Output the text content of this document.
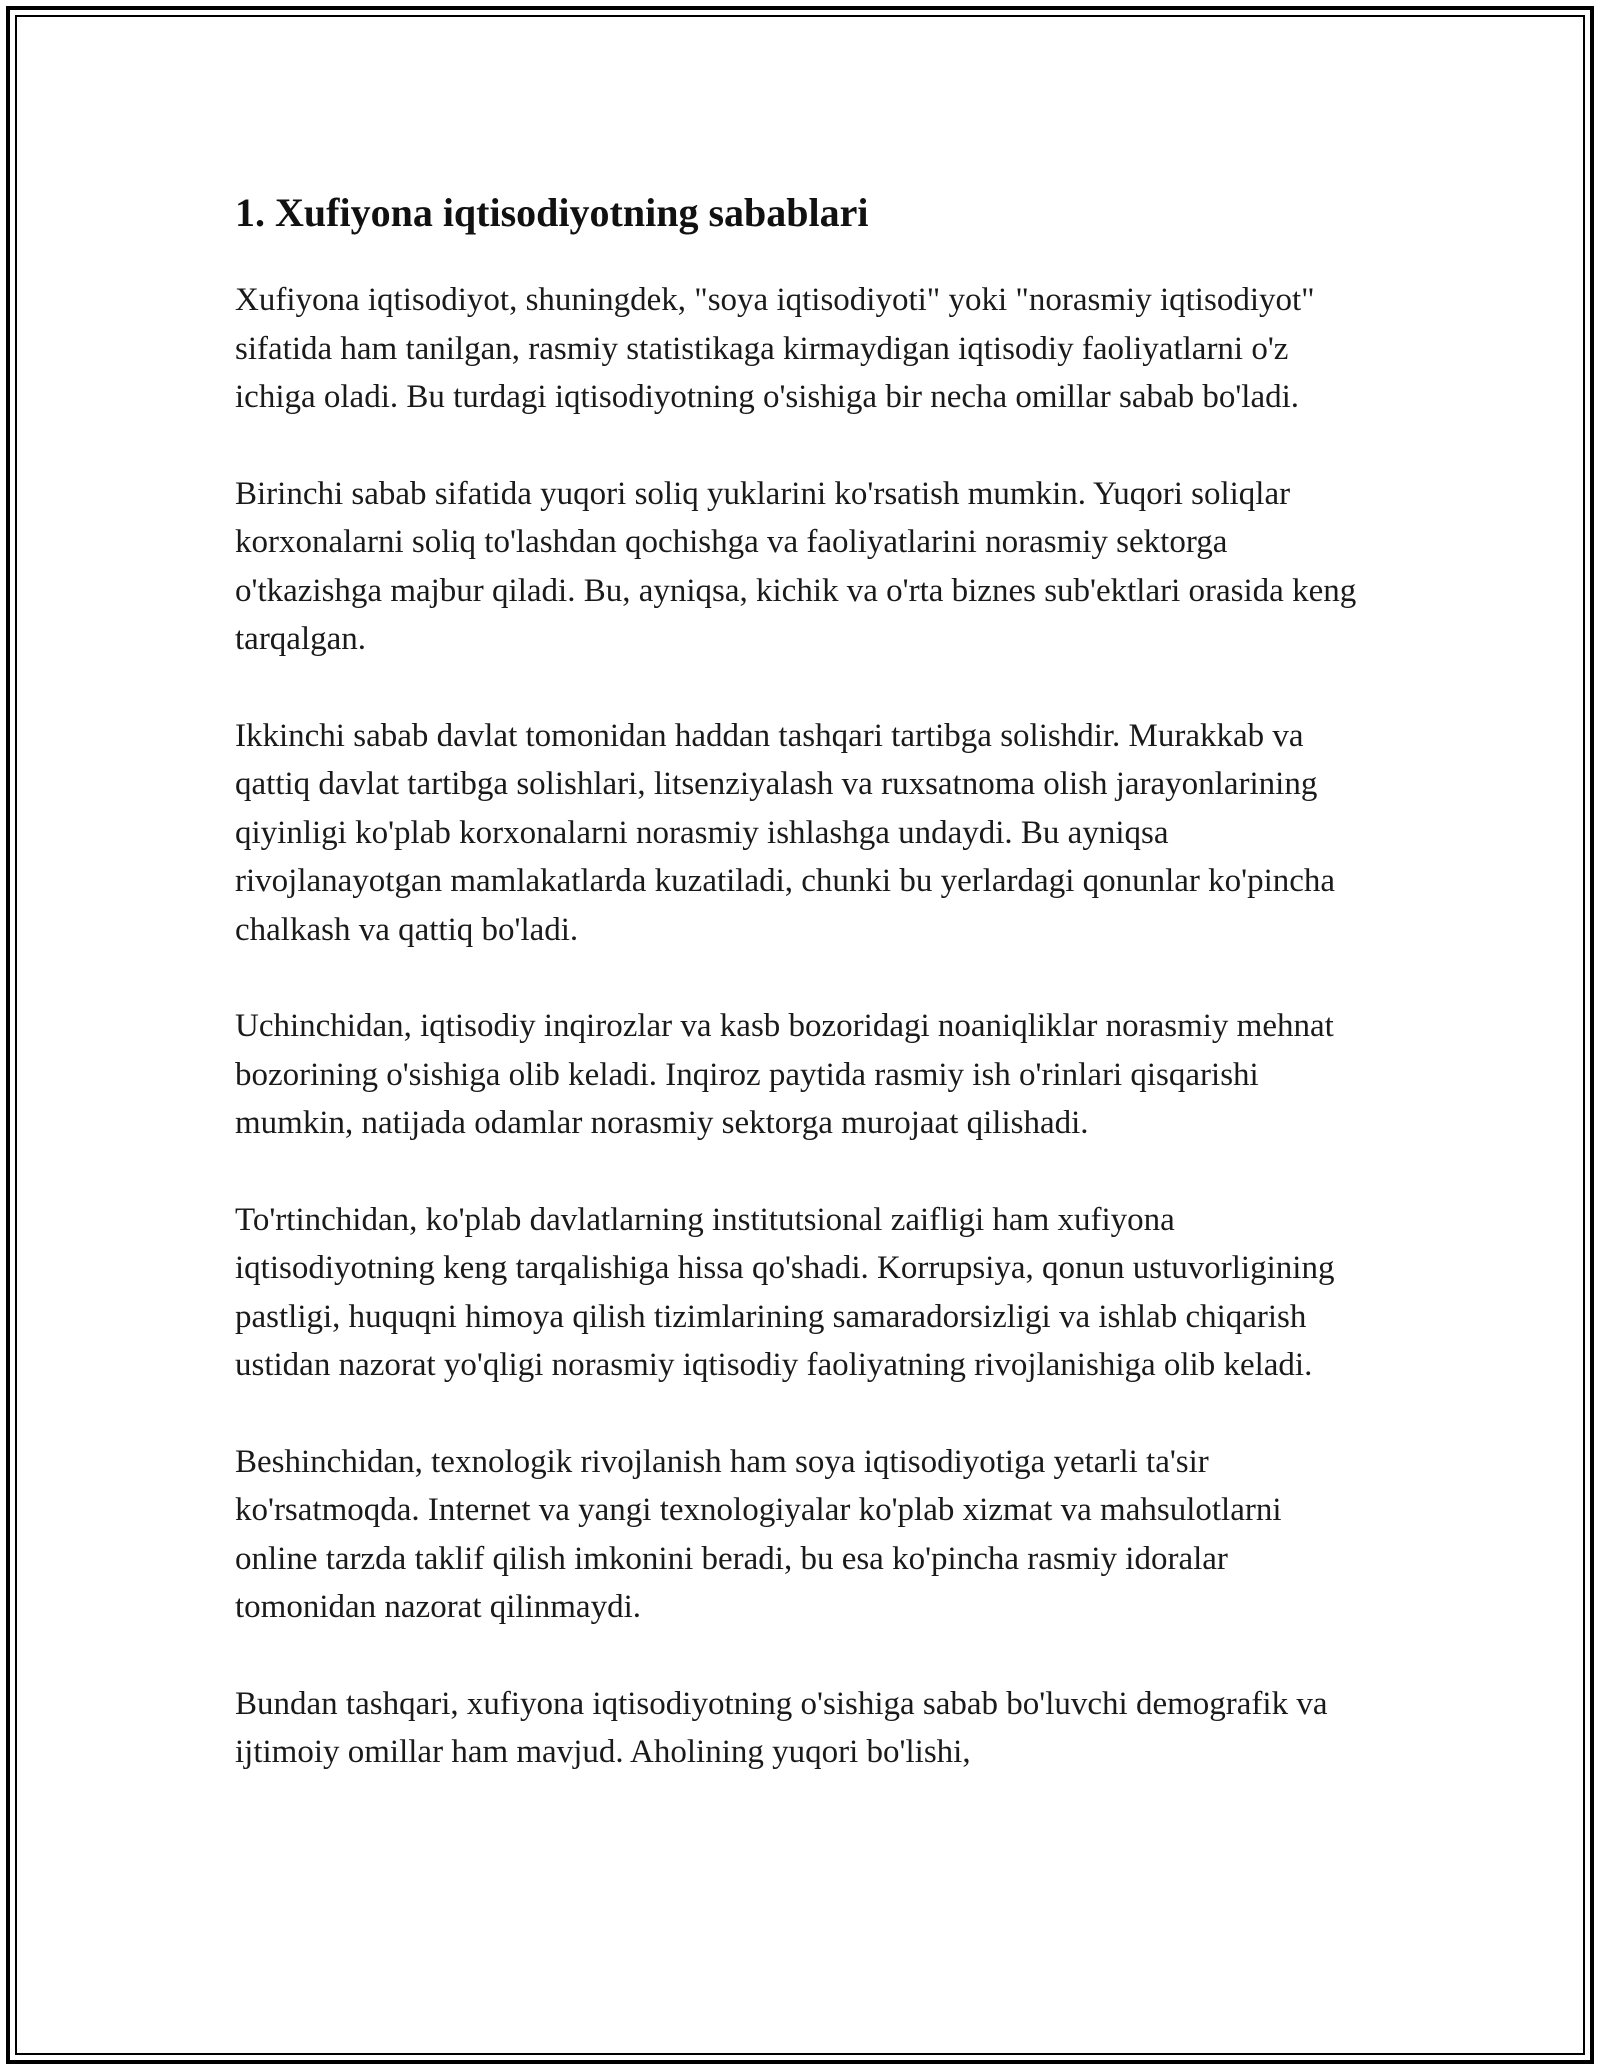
1. Xufiyona iqtisodiyotning sabablari

Xufiyona iqtisodiyot, shuningdek, "soya iqtisodiyoti" yoki "norasmiy iqtisodiyot" sifatida ham tanilgan, rasmiy statistikaga kirmaydigan iqtisodiy faoliyatlarni o'z ichiga oladi. Bu turdagi iqtisodiyotning o'sishiga bir necha omillar sabab bo'ladi.

Birinchi sabab sifatida yuqori soliq yuklarini ko'rsatish mumkin. Yuqori soliqlar korxonalarni soliq to'lashdan qochishga va faoliyatlarini norasmiy sektorga o'tkazishga majbur qiladi. Bu, ayniqsa, kichik va o'rta biznes sub'ektlari orasida keng tarqalgan.

Ikkinchi sabab davlat tomonidan haddan tashqari tartibga solishdir. Murakkab va qattiq davlat tartibga solishlari, litsenziyalash va ruxsatnoma olish jarayonlarining qiyinligi ko'plab korxonalarni norasmiy ishlashga undaydi. Bu ayniqsa rivojlanayotgan mamlakatlarda kuzatiladi, chunki bu yerlardagi qonunlar ko'pincha chalkash va qattiq bo'ladi.

Uchinchidan, iqtisodiy inqirozlar va kasb bozoridagi noaniqliklar norasmiy mehnat bozorining o'sishiga olib keladi. Inqiroz paytida rasmiy ish o'rinlari qisqarishi mumkin, natijada odamlar norasmiy sektorga murojaat qilishadi.

To'rtinchidan, ko'plab davlatlarning institutsional zaifligi ham xufiyona iqtisodiyotning keng tarqalishiga hissa qo'shadi. Korrupsiya, qonun ustuvorligining pastligi, huquqni himoya qilish tizimlarining samaradorsizligi va ishlab chiqarish ustidan nazorat yo'qligi norasmiy iqtisodiy faoliyatning rivojlanishiga olib keladi.

Beshinchidan, texnologik rivojlanish ham soya iqtisodiyotiga yetarli ta'sir ko'rsatmoqda. Internet va yangi texnologiyalar ko'plab xizmat va mahsulotlarni online tarzda taklif qilish imkonini beradi, bu esa ko'pincha rasmiy idoralar tomonidan nazorat qilinmaydi.

Bundan tashqari, xufiyona iqtisodiyotning o'sishiga sabab bo'luvchi demografik va ijtimoiy omillar ham mavjud. Aholining yuqori bo'lishi,
